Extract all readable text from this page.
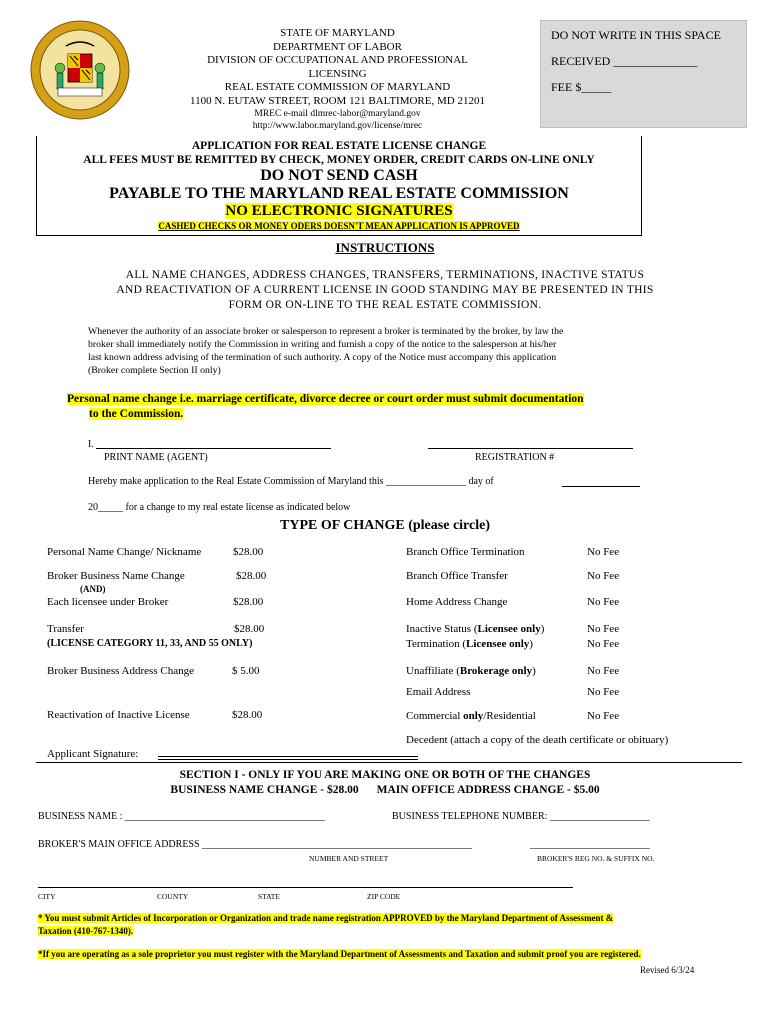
STATE OF MARYLAND
DEPARTMENT OF LABOR
DIVISION OF OCCUPATIONAL AND PROFESSIONAL
LICENSING
REAL ESTATE COMMISSION OF MARYLAND
1100 N. EUTAW STREET, ROOM 121 BALTIMORE, MD 21201
MREC e-mail dlmrec-labor@maryland.gov
http://www.labor.maryland.gov/license/mrec
DO NOT WRITE IN THIS SPACE
RECEIVED ______________
FEE $_____
APPLICATION FOR REAL ESTATE LICENSE CHANGE
ALL FEES MUST BE REMITTED BY CHECK, MONEY ORDER, CREDIT CARDS ON-LINE ONLY
DO NOT SEND CASH
PAYABLE TO THE MARYLAND REAL ESTATE COMMISSION
NO ELECTRONIC SIGNATURES
CASHED CHECKS OR MONEY ODERS DOESN'T MEAN APPLICATION IS APPROVED
INSTRUCTIONS
ALL NAME CHANGES, ADDRESS CHANGES, TRANSFERS, TERMINATIONS, INACTIVE STATUS
AND REACTIVATION OF A CURRENT LICENSE IN GOOD STANDING MAY BE PRESENTED IN THIS
FORM OR ON-LINE TO THE REAL ESTATE COMMISSION.
Whenever the authority of an associate broker or salesperson to represent a broker is terminated by the broker, by law the
broker shall immediately notify the Commission in writing and furnish a copy of the notice to the salesperson at his/her
last known address advising of the termination of such authority. A copy of the Notice must accompany this application
(Broker complete Section II only)
Personal name change i.e. marriage certificate, divorce decree or court order must submit documentation
to the Commission.
I.
PRINT NAME (AGENT)	REGISTRATION #
Hereby make application to the Real Estate Commission of Maryland this ________________ day of
20_____ for a change to my real estate license as indicated below
TYPE OF CHANGE (please circle)
Personal Name Change/ Nickname	$28.00
Broker Business Name Change	$28.00
(AND)
Each licensee under Broker	$28.00
Transfer	$28.00
(LICENSE CATEGORY 11, 33, AND 55 ONLY)
Broker Business Address Change	$ 5.00
Reactivation of Inactive License	$28.00
Branch Office Termination	No Fee
Branch Office Transfer	No Fee
Home Address Change	No Fee
Inactive Status (Licensee only)	No Fee
Termination (Licensee only)	No Fee
Unaffiliate (Brokerage only)	No Fee
Email Address	No Fee
Commercial only/Residential	No Fee
Decedent (attach a copy of the death certificate or obituary)
Applicant Signature:
SECTION I - ONLY IF YOU ARE MAKING ONE OR BOTH OF THE CHANGES
BUSINESS NAME CHANGE - $28.00 MAIN OFFICE ADDRESS CHANGE - $5.00
BUSINESS NAME : ________________________________________	BUSINESS TELEPHONE NUMBER: ____________________
BROKER'S MAIN OFFICE ADDRESS ______________________________________________________	________________________
NUMBER AND STREET	BROKER'S REG NO. & SUFFIX NO.
CITY	COUNTY	STATE	ZIP CODE
* You must submit Articles of Incorporation or Organization and trade name registration APPROVED by the Maryland Department of Assessment &
Taxation (410-767-1340).
*If you are operating as a sole proprietor you must register with the Maryland Department of Assessments and Taxation and submit proof you are registered.
Revised 6/3/24
